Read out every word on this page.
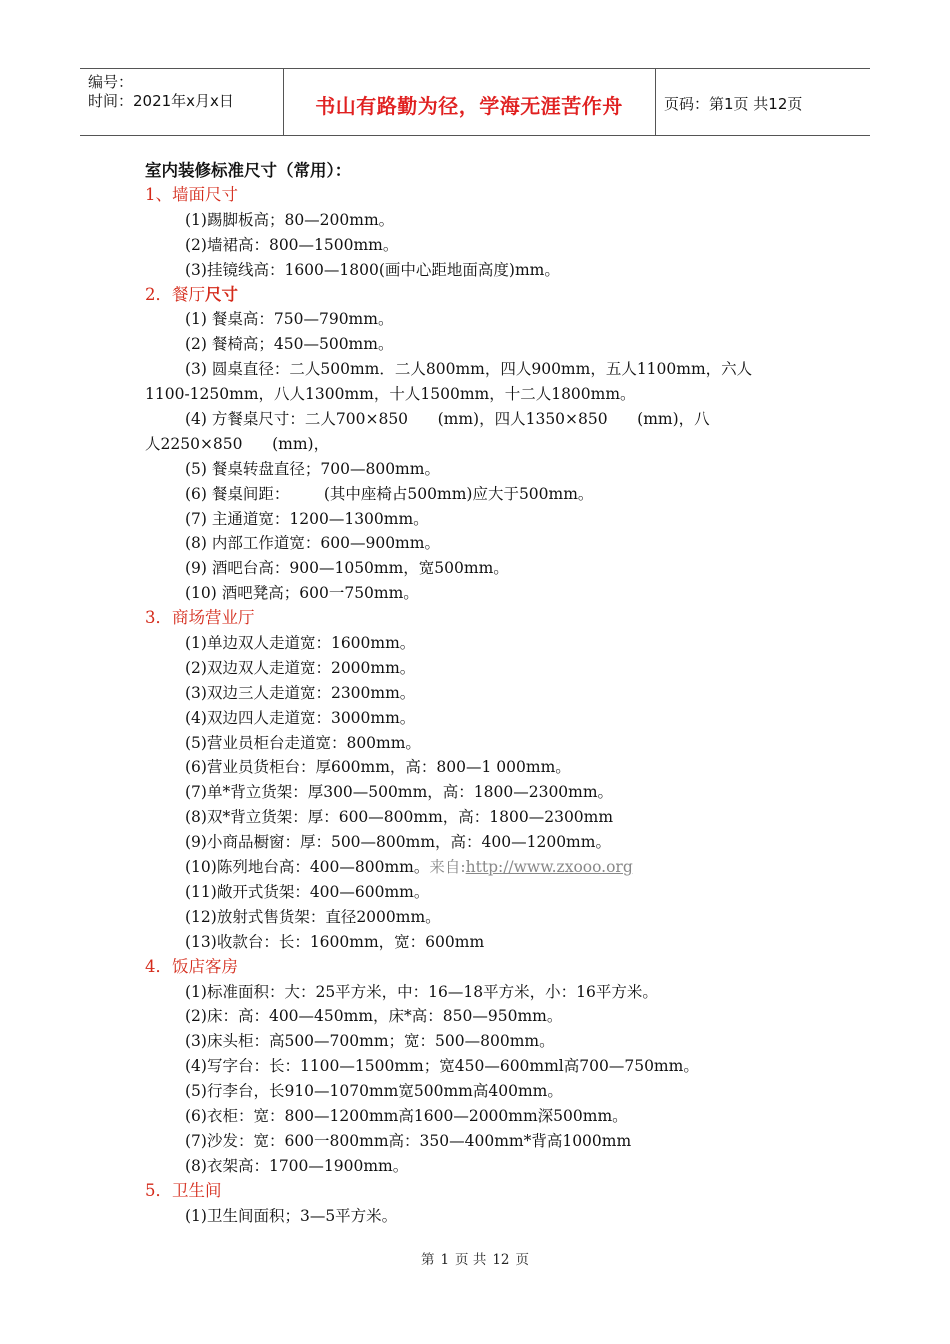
编号：
时间：2021年x月x日	书山有路勤为径，学海无涯苦作舟	页码：第1页 共12页
室内装修标准尺寸（常用）：
1、墙面尺寸
(1)踢脚板高；80—200mm。
(2)墙裙高：800—1500mm。
(3)挂镜线高：1600—1800(画中心距地面高度)mm。
2．餐厅尺寸
(1) 餐桌高：750—790mm。
(2) 餐椅高；450—500mm。
(3) 圆桌直径：二人500mm．二人800mm，四人900mm，五人1100mm，六人
1100-1250mm，八人1300mm，十人1500mm，十二人1800mm。
(4) 方餐桌尺寸：二人700×850      (mm)，四人1350×850      (mm)，八
人2250×850      (mm)，
(5) 餐桌转盘直径；700—800mm。
(6) 餐桌间距：       (其中座椅占500mm)应大于500mm。
(7) 主通道宽：1200—1300mm。
(8) 内部工作道宽：600—900mm。
(9) 酒吧台高：900—1050mm，宽500mm。
(10) 酒吧凳高；600一750mm。
3．商场营业厅
(1)单边双人走道宽：1600mm。
(2)双边双人走道宽：2000mm。
(3)双边三人走道宽：2300mm。
(4)双边四人走道宽：3000mm。
(5)营业员柜台走道宽：800mm。
(6)营业员货柜台：厚600mm，高：800—1 000mm。
(7)单*背立货架：厚300—500mm，高：1800—2300mm。
(8)双*背立货架：厚：600—800mm，高：1800—2300mm
(9)小商品橱窗：厚：500—800mm，高：400—1200mm。
(10)陈列地台高：400—800mm。来自:http://www.zxooo.org
(11)敞开式货架：400—600mm。
(12)放射式售货架：直径2000mm。
(13)收款台：长：1600mm，宽：600mm
4．饭店客房
(1)标准面积：大：25平方米，中：16—18平方米，小：16平方米。
(2)床：高：400—450mm，床*高：850—950mm。
(3)床头柜：高500—700mm；宽：500—800mm。
(4)写字台：长：1100—1500mm；宽450—600mml高700—750mm。
(5)行李台，长910—1070mm宽500mm高400mm。
(6)衣柜：宽：800—1200mm高1600—2000mm深500mm。
(7)沙发：宽：600一800mm高：350—400mm*背高1000mm
(8)衣架高：1700—1900mm。
5．卫生间
(1)卫生间面积；3—5平方米。
第 1 页 共 12 页
